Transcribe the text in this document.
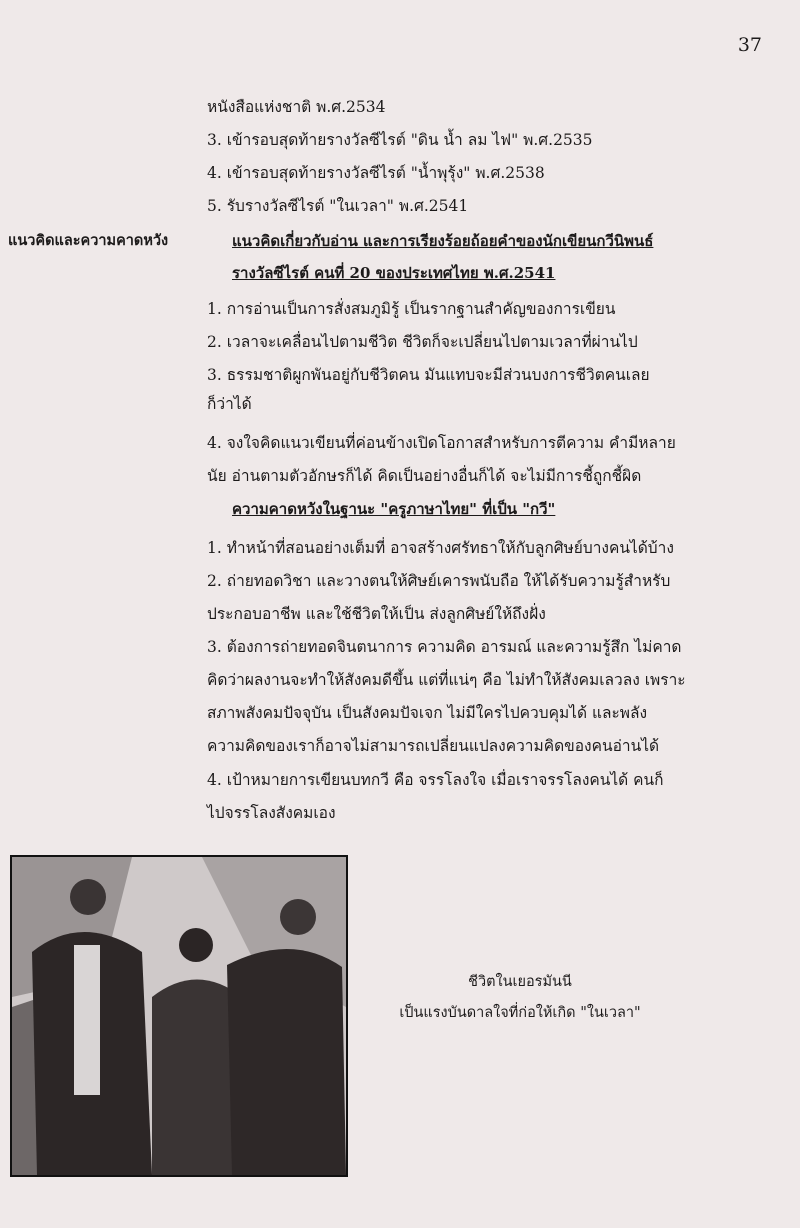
37
หนังสือแห่งชาติ พ.ศ.2534
3. เข้ารอบสุดท้ายรางวัลซีไรต์ "ดิน น้ำ ลม ไฟ" พ.ศ.2535
4. เข้ารอบสุดท้ายรางวัลซีไรต์ "น้ำพุรุ้ง" พ.ศ.2538
5. รับรางวัลซีไรต์ "ในเวลา" พ.ศ.2541
แนวคิดและความคาดหวัง	แนวคิดเกี่ยวกับอ่าน และการเรียงร้อยถ้อยคำของนักเขียนกวีนิพนธ์
รางวัลซีไรต์ คนที่ 20 ของประเทศไทย พ.ศ.2541
1. การอ่านเป็นการสั่งสมภูมิรู้ เป็นรากฐานสำคัญของการเขียน
2. เวลาจะเคลื่อนไปตามชีวิต ชีวิตก็จะเปลี่ยนไปตามเวลาที่ผ่านไป
3. ธรรมชาติผูกพันอยู่กับชีวิตคน มันแทบจะมีส่วนบงการชีวิตคนเลย
ก็ว่าได้
4. จงใจคิดแนวเขียนที่ค่อนข้างเปิดโอกาสสำหรับการตีความ คำมีหลาย
นัย อ่านตามตัวอักษรก็ได้ คิดเป็นอย่างอื่นก็ได้ จะไม่มีการชี้ถูกชี้ผิด
ความคาดหวังในฐานะ "ครูภาษาไทย" ที่เป็น "กวี"
1. ทำหน้าที่สอนอย่างเต็มที่ อาจสร้างศรัทธาให้กับลูกศิษย์บางคนได้บ้าง
2. ถ่ายทอดวิชา และวางตนให้ศิษย์เคารพนับถือ ให้ได้รับความรู้สำหรับ
ประกอบอาชีพ และใช้ชีวิตให้เป็น ส่งลูกศิษย์ให้ถึงฝั่ง
3. ต้องการถ่ายทอดจินตนาการ ความคิด อารมณ์ และความรู้สึก ไม่คาด
คิดว่าผลงานจะทำให้สังคมดีขึ้น แต่ที่แน่ๆ คือ ไม่ทำให้สังคมเลวลง เพราะ
สภาพสังคมปัจจุบัน เป็นสังคมปัจเจก ไม่มีใครไปควบคุมได้ และพลัง
ความคิดของเราก็อาจไม่สามารถเปลี่ยนแปลงความคิดของคนอ่านได้
4. เป้าหมายการเขียนบทกวี คือ จรรโลงใจ เมื่อเราจรรโลงคนได้ คนก็
ไปจรรโลงสังคมเอง
ชีวิตในเยอรมันนี
เป็นแรงบันดาลใจที่ก่อให้เกิด "ในเวลา"
